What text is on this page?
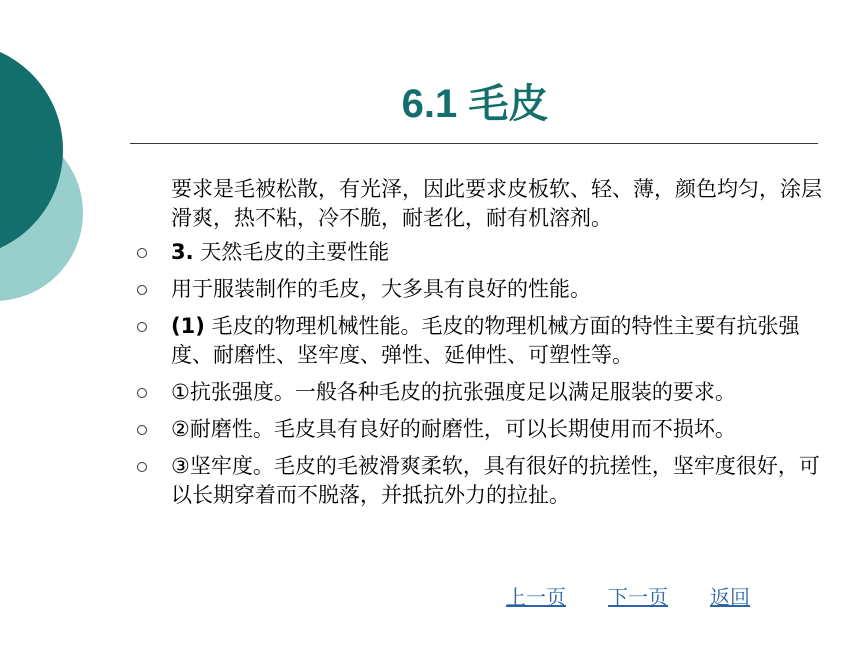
6.1 毛皮
要求是毛被松散，有光泽，因此要求皮板软、轻、薄，颜色均匀，涂层滑爽，热不粘，冷不脆，耐老化，耐有机溶剂。
3. 天然毛皮的主要性能
用于服装制作的毛皮，大多具有良好的性能。
(1) 毛皮的物理机械性能。毛皮的物理机械方面的特性主要有抗张强度、耐磨性、坚牢度、弹性、延伸性、可塑性等。
①抗张强度。一般各种毛皮的抗张强度足以满足服装的要求。
②耐磨性。毛皮具有良好的耐磨性，可以长期使用而不损坏。
③坚牢度。毛皮的毛被滑爽柔软，具有很好的抗搓性，坚牢度很好，可以长期穿着而不脱落，并抵抗外力的拉扯。
上一页 下一页 返回
